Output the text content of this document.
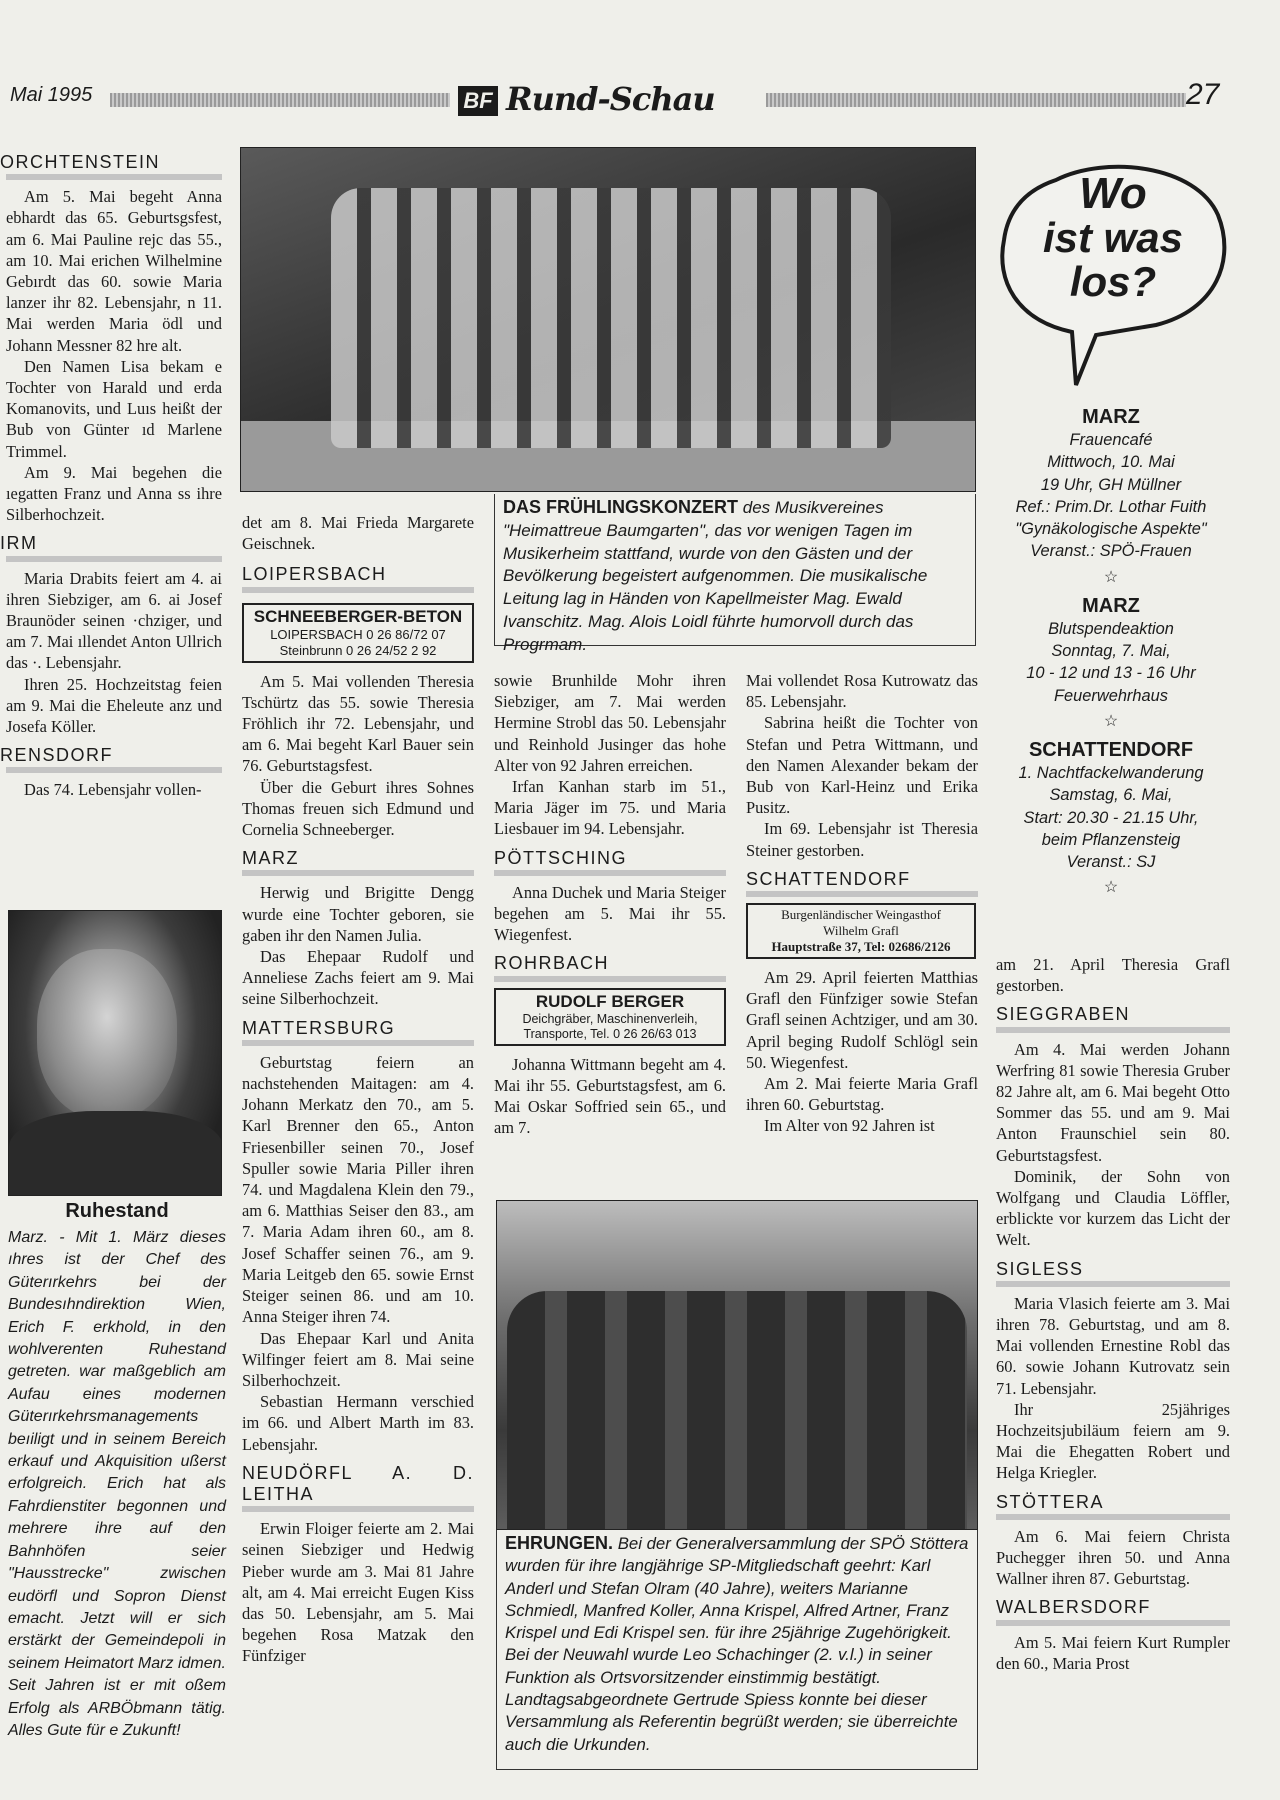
Mai 1995	BF Rund-Schau	27
ORCHTENSTEIN

Am 5. Mai begeht Anna ebhardt das 65. Geburtsgsfest, am 6. Mai Pauline rejc das 55., am 10. Mai erichen Wilhelmine Gebırdt das 60. sowie Maria lanzer ihr 82. Lebensjahr, n 11. Mai werden Maria ödl und Johann Messner 82 hre alt.

Den Namen Lisa bekam e Tochter von Harald und erda Komanovits, und Luıs heißt der Bub von Günter ıd Marlene Trimmel.

Am 9. Mai begehen die ıegatten Franz und Anna ss ihre Silberhochzeit.

IRM

Maria Drabits feiert am 4. ai ihren Siebziger, am 6. ai Josef Braunöder seinen ·chziger, und am 7. Mai ıllendet Anton Ullrich das ·. Lebensjahr.

Ihren 25. Hochzeitstag feien am 9. Mai die Eheleute anz und Josefa Köller.

RENSDORF

Das 74. Lebensjahr vollen-

Ruhestand
Marz. - Mit 1. März dieses ıhres ist der Chef des Güterırkehrs bei der Bundesıhndirektion Wien, Erich F. erkhold, in den wohlverenten Ruhestand getreten. war maßgeblich am Aufau eines modernen Güterırkehrsmanagements beıiligt und in seinem Bereich erkauf und Akquisition ußerst erfolgreich. Erich hat als Fahrdienstiter begonnen und mehrere ihre auf den Bahnhöfen seier "Hausstrecke" zwischen eudörfl und Sopron Dienst emacht. Jetzt will er sich erstärkt der Gemeindepoli in seinem Heimatort Marz idmen. Seit Jahren ist er mit oßem Erfolg als ARBÖbmann tätig. Alles Gute für e Zukunft!
DAS FRÜHLINGSKONZERT des Musikvereines "Heimattreue Baumgarten", das vor wenigen Tagen im Musikerheim stattfand, wurde von den Gästen und der Bevölkerung begeistert aufgenommen. Die musikalische Leitung lag in Händen von Kapellmeister Mag. Ewald Ivanschitz. Mag. Alois Loidl führte humorvoll durch das Progrmam.

det am 8. Mai Frieda Margarete Geischnek.

LOIPERSBACH
SCHNEEBERGER-BETON
LOIPERSBACH 0 26 86/72 07
Steinbrunn 0 26 24/52 2 92

Am 5. Mai vollenden Theresia Tschürtz das 55. sowie Theresia Fröhlich ihr 72. Lebensjahr, und am 6. Mai begeht Karl Bauer sein 76. Geburtstagsfest.

Über die Geburt ihres Sohnes Thomas freuen sich Edmund und Cornelia Schneeberger.

MARZ

Herwig und Brigitte Dengg wurde eine Tochter geboren, sie gaben ihr den Namen Julia.

Das Ehepaar Rudolf und Anneliese Zachs feiert am 9. Mai seine Silberhochzeit.

MATTERSBURG

Geburtstag feiern an nachstehenden Maitagen: am 4. Johann Merkatz den 70., am 5. Karl Brenner den 65., Anton Friesenbiller seinen 70., Josef Spuller sowie Maria Piller ihren 74. und Magdalena Klein den 79., am 6. Matthias Seiser den 83., am 7. Maria Adam ihren 60., am 8. Josef Schaffer seinen 76., am 9. Maria Leitgeb den 65. sowie Ernst Steiger seinen 86. und am 10. Anna Steiger ihren 74.

Das Ehepaar Karl und Anita Wilfinger feiert am 8. Mai seine Silberhochzeit.

Sebastian Hermann verschied im 66. und Albert Marth im 83. Lebensjahr.

NEUDÖRFL A. D. LEITHA

Erwin Floiger feierte am 2. Mai seinen Siebziger und Hedwig Pieber wurde am 3. Mai 81 Jahre alt, am 4. Mai erreicht Eugen Kiss das 50. Lebensjahr, am 5. Mai begehen Rosa Matzak den Fünfziger

sowie Brunhilde Mohr ihren Siebziger, am 7. Mai werden Hermine Strobl das 50. Lebensjahr und Reinhold Jusinger das hohe Alter von 92 Jahren erreichen.

Irfan Kanhan starb im 51., Maria Jäger im 75. und Maria Liesbauer im 94. Lebensjahr.

PÖTTSCHING

Anna Duchek und Maria Steiger begehen am 5. Mai ihr 55. Wiegenfest.

ROHRBACH
RUDOLF BERGER
Deichgräber, Maschinenverleih,
Transporte, Tel. 0 26 26/63 013

Johanna Wittmann begeht am 4. Mai ihr 55. Geburtstagsfest, am 6. Mai Oskar Soffried sein 65., und am 7.

Mai vollendet Rosa Kutrowatz das 85. Lebensjahr.

Sabrina heißt die Tochter von Stefan und Petra Wittmann, und den Namen Alexander bekam der Bub von Karl-Heinz und Erika Pusitz.

Im 69. Lebensjahr ist Theresia Steiner gestorben.

SCHATTENDORF
Burgenländischer Weingasthof
Wilhelm Grafl
Hauptstraße 37, Tel: 02686/2126

Am 29. April feierten Matthias Grafl den Fünfziger sowie Stefan Grafl seinen Achtziger, und am 30. April beging Rudolf Schlögl sein 50. Wiegenfest.

Am 2. Mai feierte Maria Grafl ihren 60. Geburtstag.

Im Alter von 92 Jahren ist

EHRUNGEN. Bei der Generalversammlung der SPÖ Stöttera wurden für ihre langjährige SP-Mitgliedschaft geehrt: Karl Anderl und Stefan Olram (40 Jahre), weiters Marianne Schmiedl, Manfred Koller, Anna Krispel, Alfred Artner, Franz Krispel und Edi Krispel sen. für ihre 25jährige Zugehörigkeit. Bei der Neuwahl wurde Leo Schachinger (2. v.l.) in seiner Funktion als Ortsvorsitzender einstimmig bestätigt. Landtagsabgeordnete Gertrude Spiess konnte bei dieser Versammlung als Referentin begrüßt werden; sie überreichte auch die Urkunden.
Wo
ist was
los?
MARZ
Frauencafé
Mittwoch, 10. Mai
19 Uhr, GH Müllner
Ref.: Prim.Dr. Lothar Fuith
"Gynäkologische Aspekte"
Veranst.: SPÖ-Frauen
☆
MARZ
Blutspendeaktion
Sonntag, 7. Mai,
10 - 12 und 13 - 16 Uhr
Feuerwehrhaus
☆
SCHATTENDORF
1. Nachtfackelwanderung
Samstag, 6. Mai,
Start: 20.30 - 21.15 Uhr,
beim Pflanzensteig
Veranst.: SJ
☆

am 21. April Theresia Grafl gestorben.

SIEGGRABEN

Am 4. Mai werden Johann Werfring 81 sowie Theresia Gruber 82 Jahre alt, am 6. Mai begeht Otto Sommer das 55. und am 9. Mai Anton Fraunschiel sein 80. Geburtstagsfest.

Dominik, der Sohn von Wolfgang und Claudia Löffler, erblickte vor kurzem das Licht der Welt.

SIGLESS

Maria Vlasich feierte am 3. Mai ihren 78. Geburtstag, und am 8. Mai vollenden Ernestine Robl das 60. sowie Johann Kutrovatz sein 71. Lebensjahr.

Ihr 25jähriges Hochzeitsjubiläum feiern am 9. Mai die Ehegatten Robert und Helga Kriegler.

STÖTTERA

Am 6. Mai feiern Christa Puchegger ihren 50. und Anna Wallner ihren 87. Geburtstag.

WALBERSDORF

Am 5. Mai feiern Kurt Rumpler den 60., Maria Prost
